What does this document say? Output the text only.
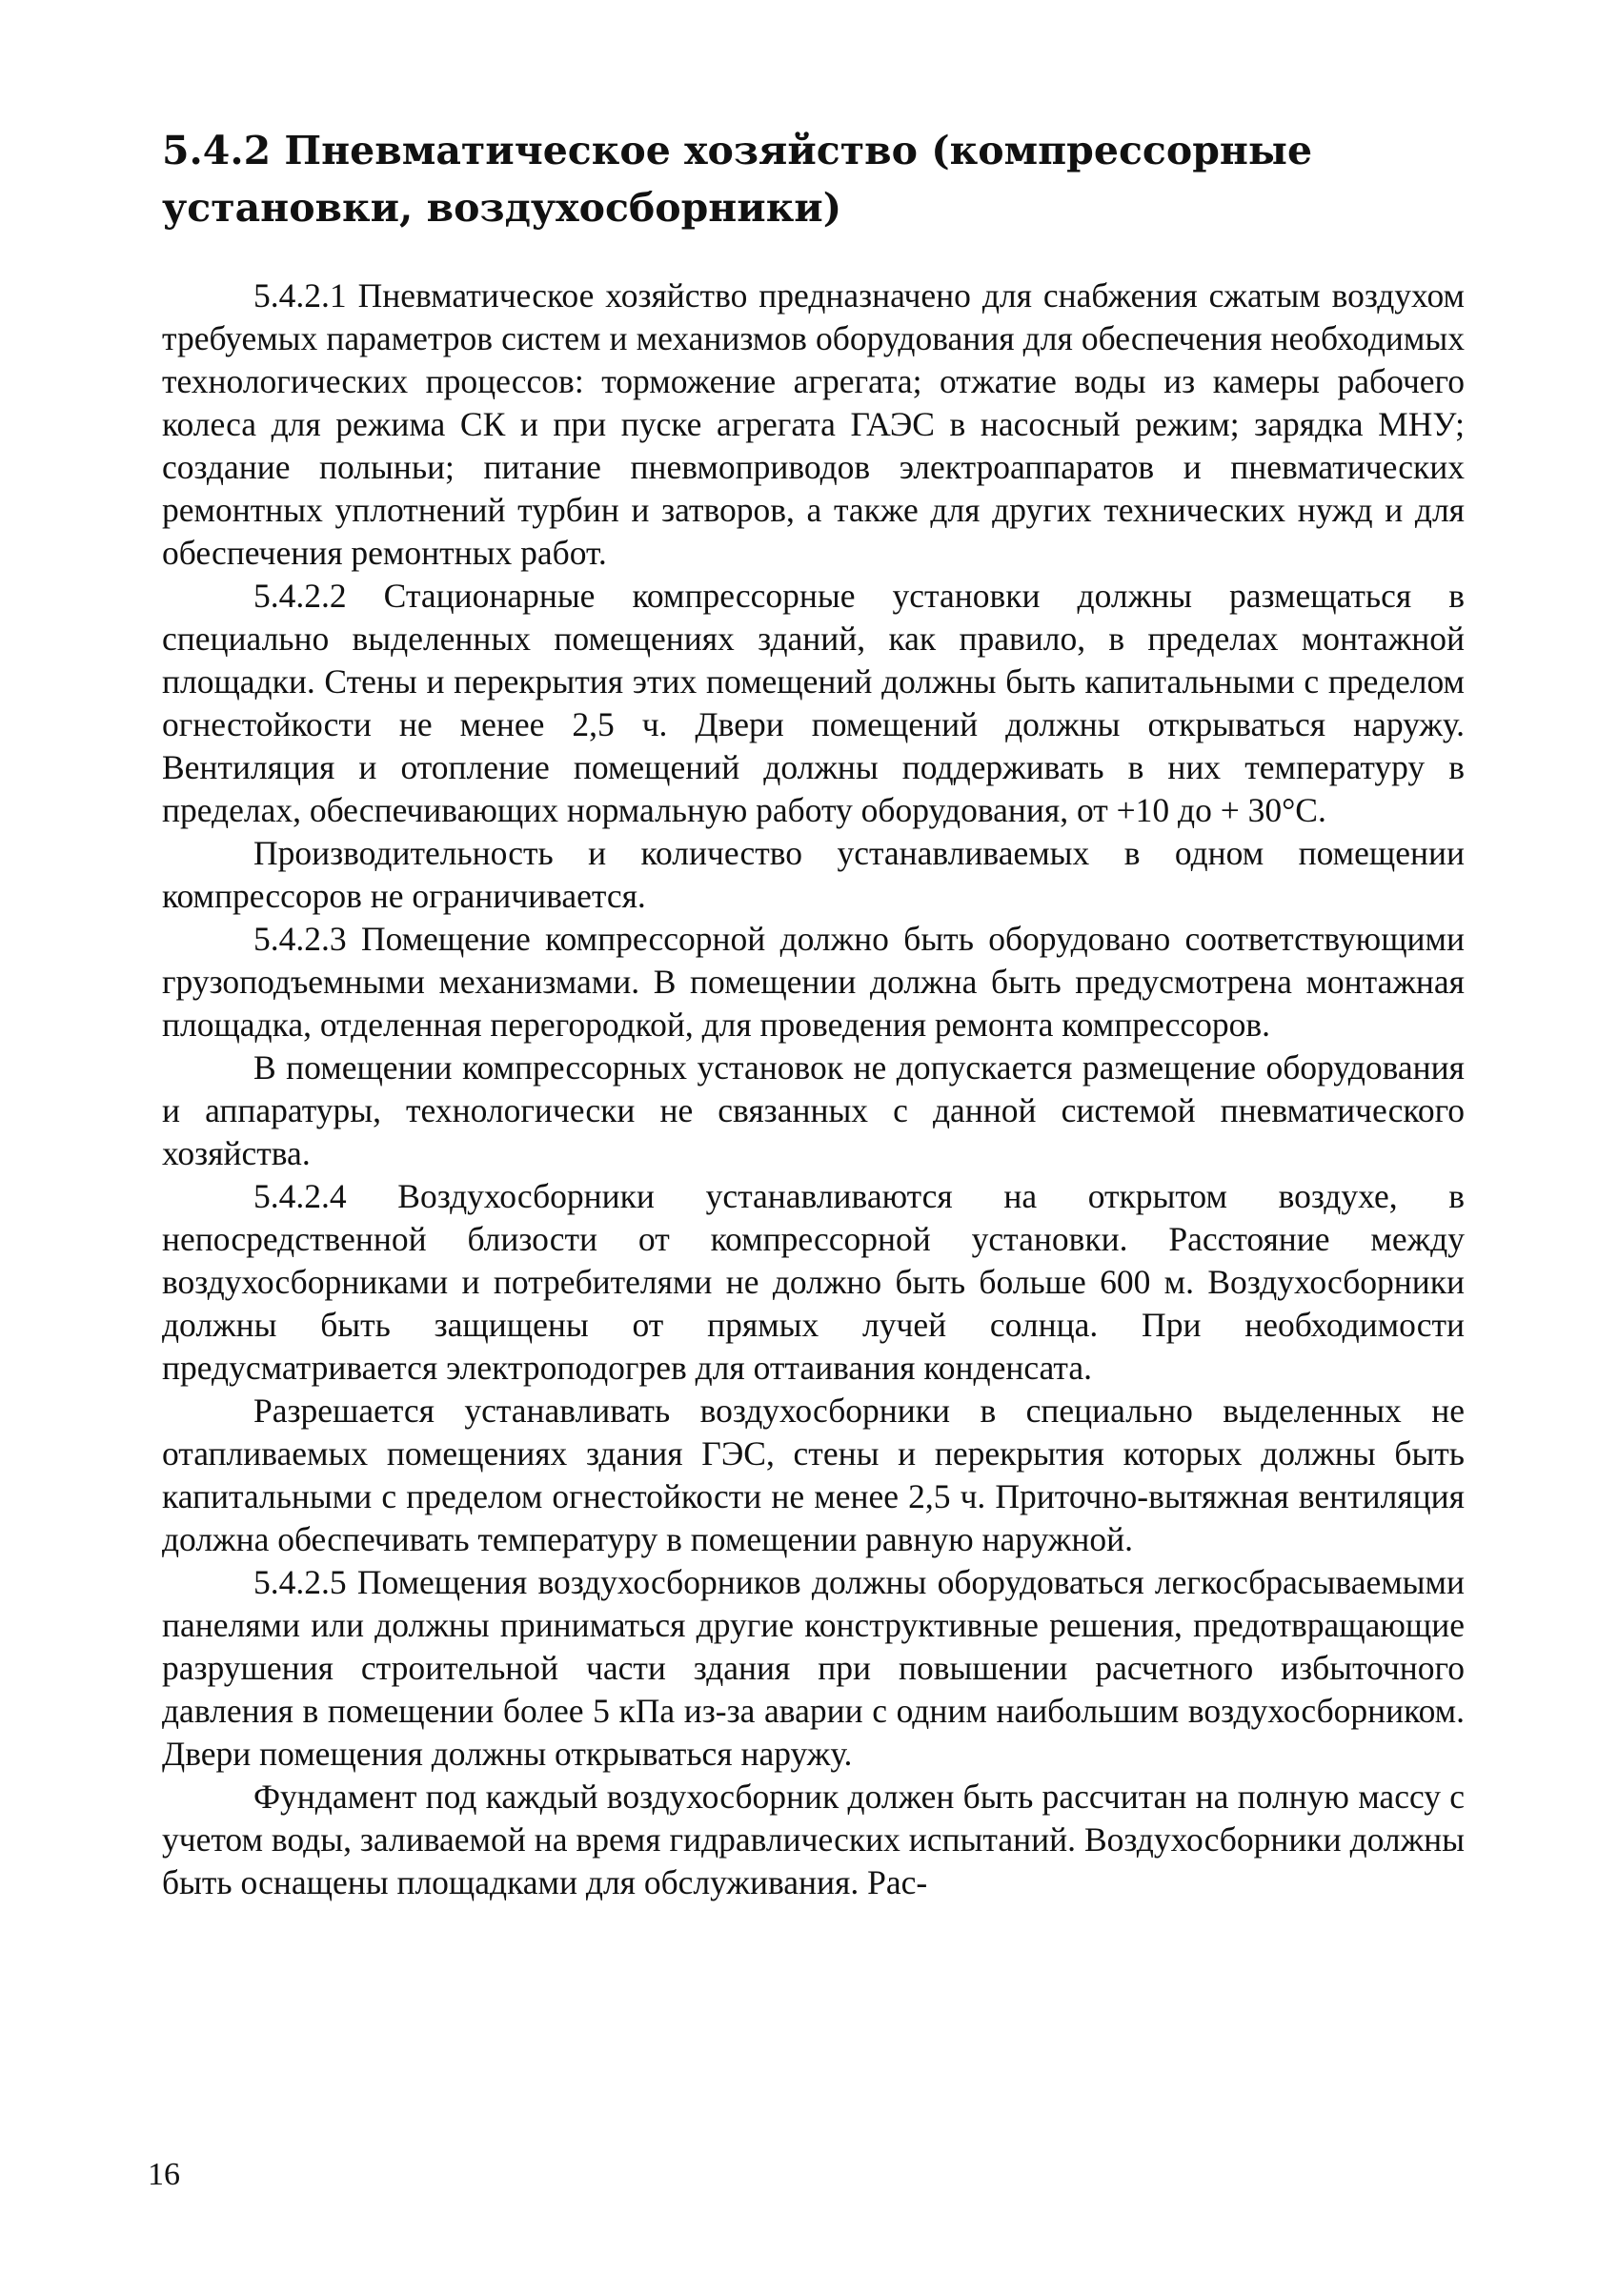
5.4.2 Пневматическое хозяйство (компрессорные установки, воздухосборники)

5.4.2.1 Пневматическое хозяйство предназначено для снабжения сжатым воздухом требуемых параметров систем и механизмов оборудования для обеспечения необходимых технологических процессов: торможение агрегата; отжатие воды из камеры рабочего колеса для режима СК и при пуске агрегата ГАЭС в насосный режим; зарядка МНУ; создание полыньи; питание пневмоприводов электроаппаратов и пневматических ремонтных уплотнений турбин и затворов, а также для других технических нужд и для обеспечения ремонтных работ.

5.4.2.2 Стационарные компрессорные установки должны размещаться в специально выделенных помещениях зданий, как правило, в пределах монтажной площадки. Стены и перекрытия этих помещений должны быть капитальными с пределом огнестойкости не менее 2,5 ч. Двери помещений должны открываться наружу. Вентиляция и отопление помещений должны поддерживать в них температуру в пределах, обеспечивающих нормальную работу оборудования, от +10 до + 30°С.

Производительность и количество устанавливаемых в одном помещении компрессоров не ограничивается.

5.4.2.3 Помещение компрессорной должно быть оборудовано соответствующими грузоподъемными механизмами. В помещении должна быть предусмотрена монтажная площадка, отделенная перегородкой, для проведения ремонта компрессоров.

В помещении компрессорных установок не допускается размещение оборудования и аппаратуры, технологически не связанных с данной системой пневматического хозяйства.

5.4.2.4 Воздухосборники устанавливаются на открытом воздухе, в непосредственной близости от компрессорной установки. Расстояние между воздухосборниками и потребителями не должно быть больше 600 м. Воздухосборники должны быть защищены от прямых лучей солнца. При необходимости предусматривается электроподогрев для оттаивания конденсата.

Разрешается устанавливать воздухосборники в специально выделенных не отапливаемых помещениях здания ГЭС, стены и перекрытия которых должны быть капитальными с пределом огнестойкости не менее 2,5 ч. Приточно-вытяжная вентиляция должна обеспечивать температуру в помещении равную наружной.

5.4.2.5 Помещения воздухосборников должны оборудоваться легкосбрасываемыми панелями или должны приниматься другие конструктивные решения, предотвращающие разрушения строительной части здания при повышении расчетного избыточного давления в помещении более 5 кПа из-за аварии с одним наибольшим воздухосборником. Двери помещения должны открываться наружу.

Фундамент под каждый воздухосборник должен быть рассчитан на полную массу с учетом воды, заливаемой на время гидравлических испытаний. Воздухосборники должны быть оснащены площадками для обслуживания. Рас-

16
